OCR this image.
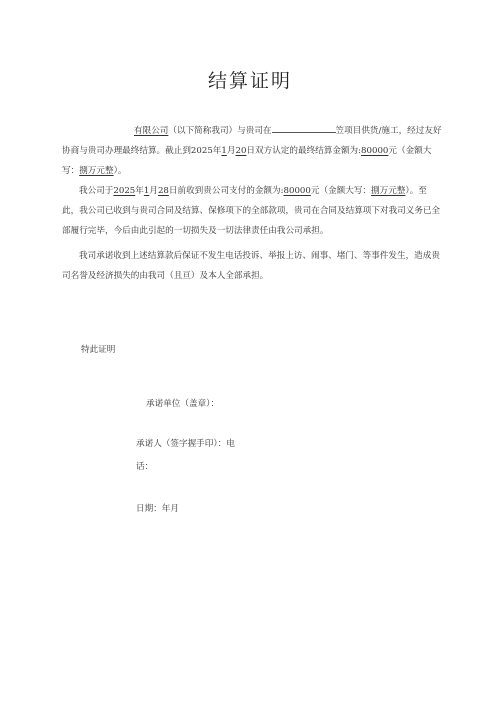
结算证明
有限公司（以下简称我司）与贵司在	笠项目供货/施工，经过友好协商与贵司办理最终结算。截止到2025年1月20日双方认定的最终结算金额为:80000元（金额大写：捌万元整）。
我公司于2025年1月28日前收到贵公司支付的金额为:80000元（金额大写：捌万元整）。至此，我公司已收到与贵司合同及结算、保修项下的全部款项，贵司在合同及结算项下对我司义务已全部履行完毕，今后由此引起的一切损失及一切法律责任由我公司承担。
我司承诺收到上述结算款后保证不发生电话投诉、举报上访、闹事、堵门、等事件发生，造成贵司名誉及经济损失的由我司（且亘）及本人全部承担。
特此证明
承诺单位（盖章）：
承诺人（签字握手印）：电
话：
日期：年月
